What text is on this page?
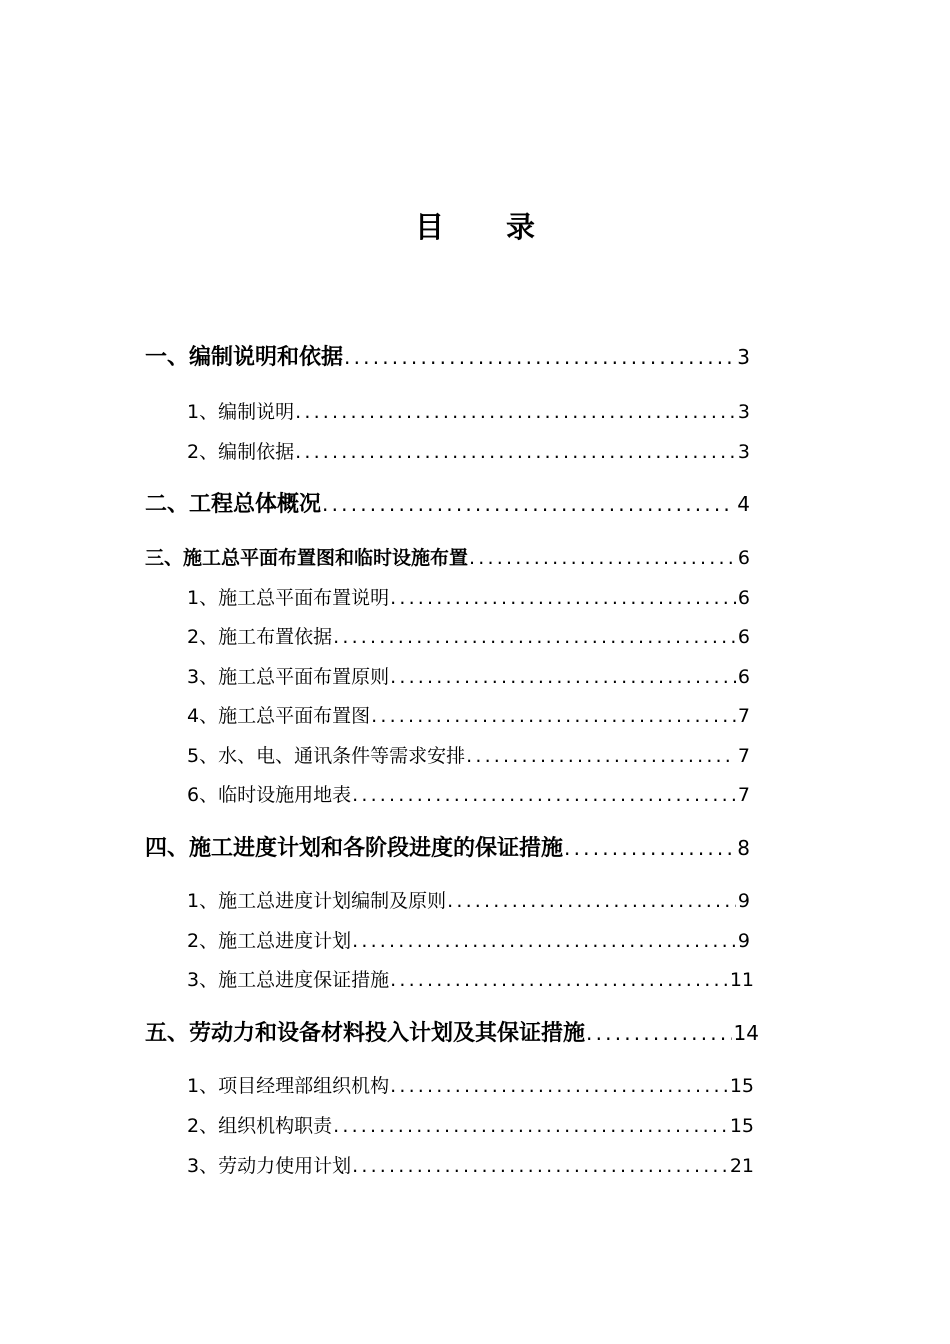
目 录
一、编制说明和依据 .....	3
1、编制说明 .....	3
2、编制依据 .....	3
二、工程总体概况 .....	4
三、施工总平面布置图和临时设施布置 .....	6
1、施工总平面布置说明 .....	6
2、施工布置依据 .....	6
3、施工总平面布置原则 .....	6
4、施工总平面布置图 .....	7
5、水、电、通讯条件等需求安排 .....	7
6、临时设施用地表 .....	7
四、施工进度计划和各阶段进度的保证措施 .....	8
1、施工总进度计划编制及原则 .....	9
2、施工总进度计划 .....	9
3、施工总进度保证措施 .....	11
五、劳动力和设备材料投入计划及其保证措施 .....	14
1、项目经理部组织机构 .....	15
2、组织机构职责 .....	15
3、劳动力使用计划 .....	21
